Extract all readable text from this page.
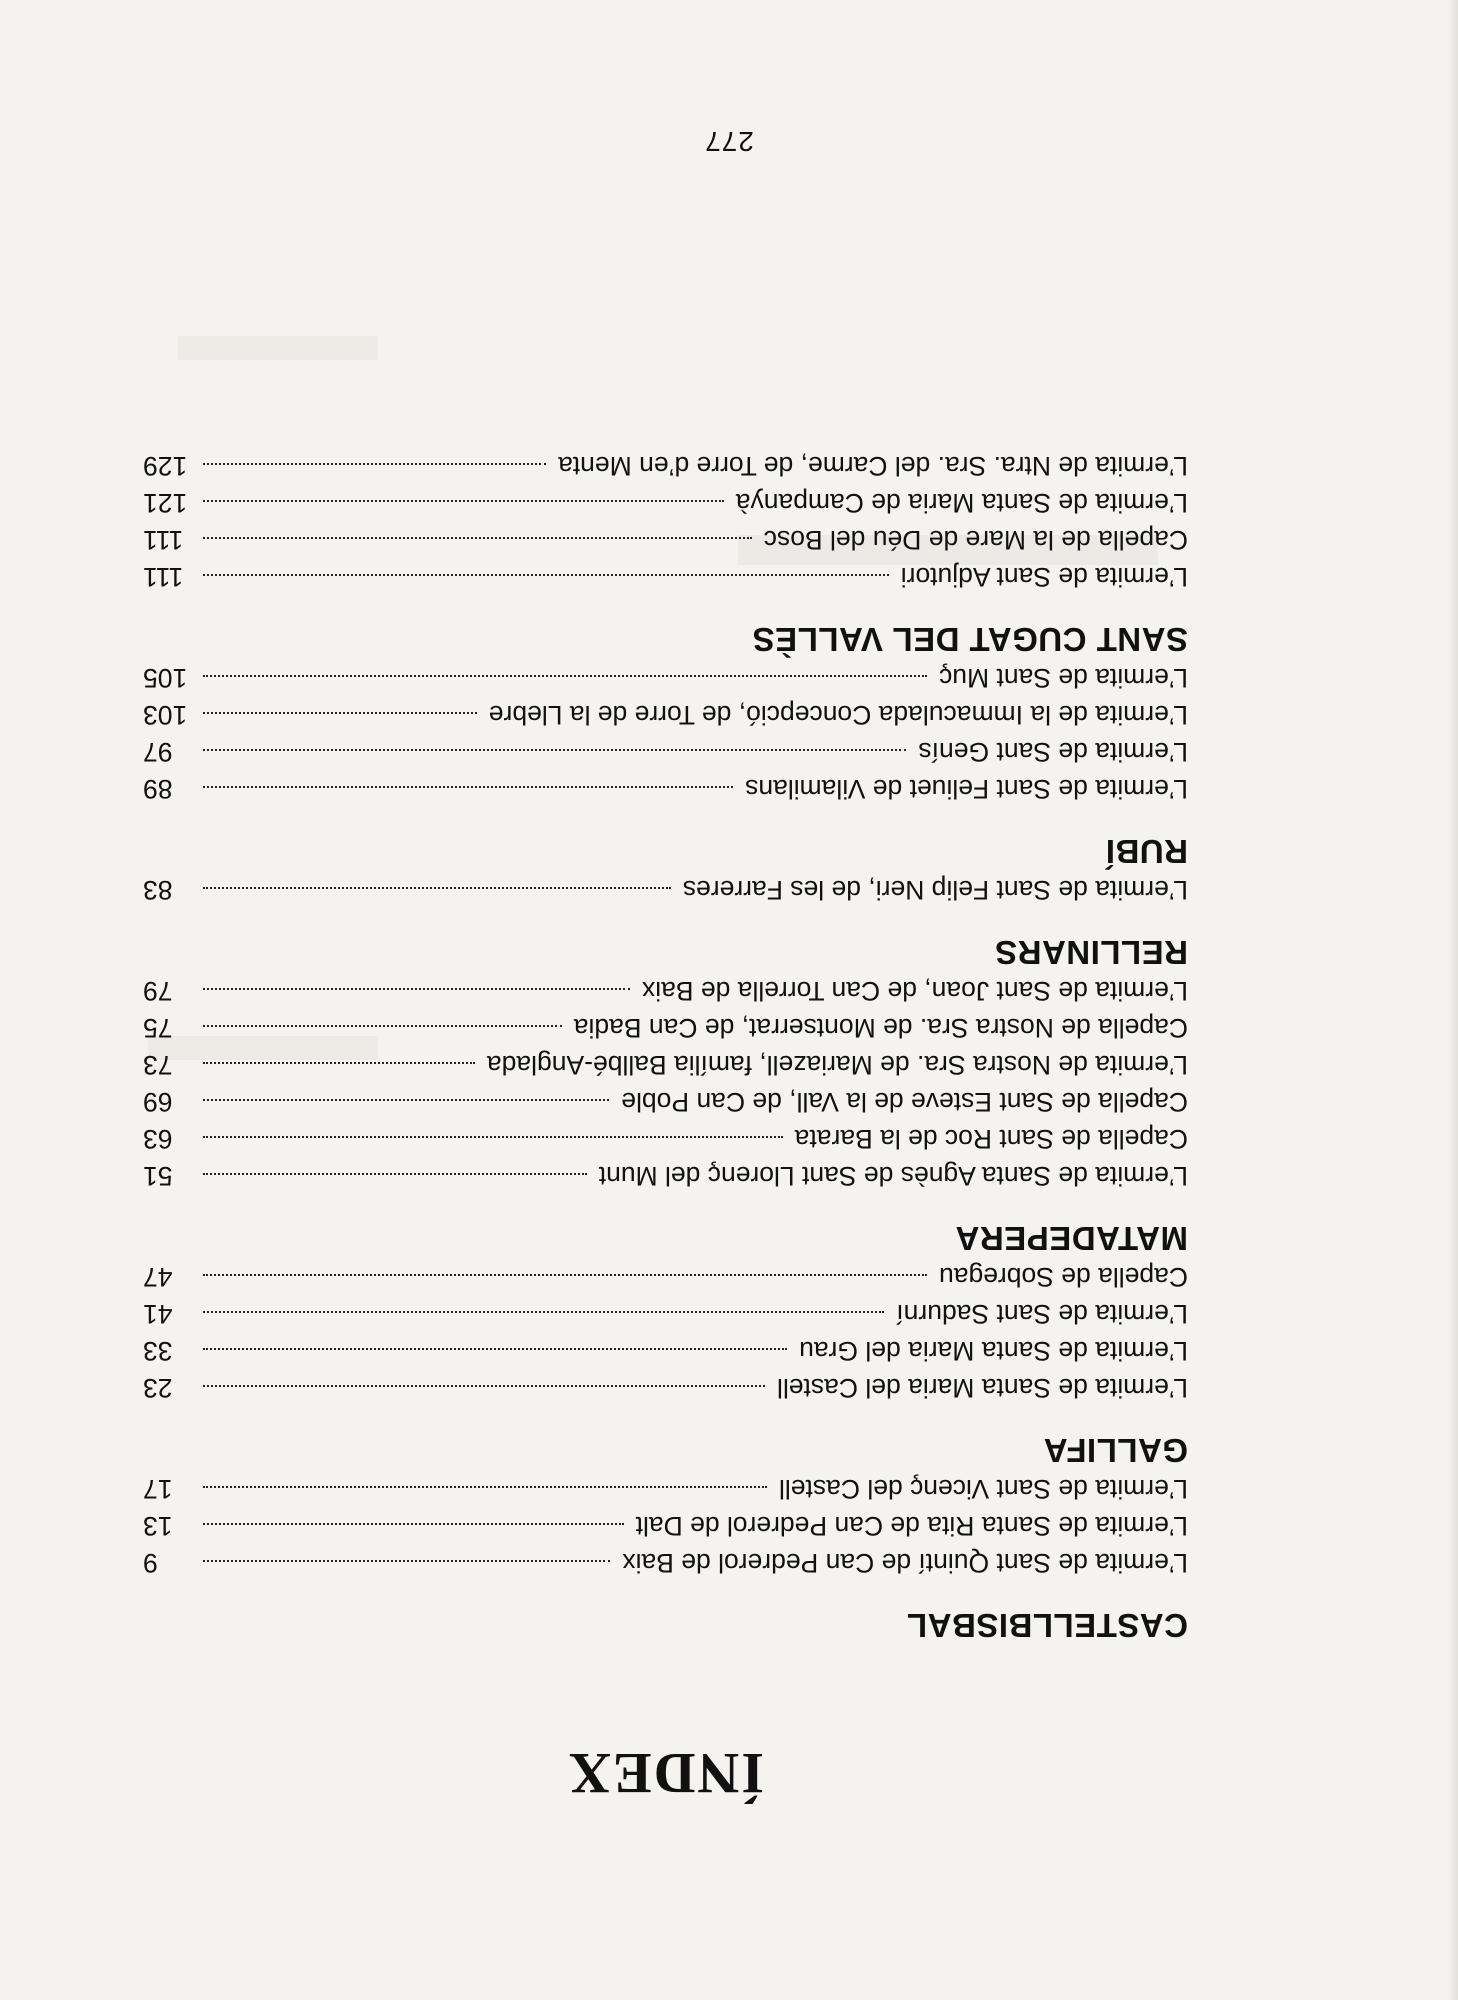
ÍNDEX
CASTELLBISBAL
L’ermita de Sant Quintí de Can Pedrerol de Baix
9
L’ermita de Santa Rita de Can Pedrerol de Dalt
13
L’ermita de Sant Vicenç del Castell
17
GALLIFA
L’ermita de Santa Maria del Castell
23
L’ermita de Santa Maria del Grau
33
L’ermita de Sant Sadurní
41
Capella de Sobregau
47
MATADEPERA
L’ermita de Santa Agnès de Sant Llorenç del Munt
51
Capella de Sant Roc de la Barata
63
Capella de Sant Esteve de la Vall, de Can Poble
69
L’ermita de Nostra Sra. de Mariazell, família Ballbé-Anglada
73
Capella de Nostra Sra. de Montserrat, de Can Badia
75
L’ermita de Sant Joan, de Can Torrella de Baix
79
RELLINARS
L’ermita de Sant Felip Neri, de les Farreres
83
RUBÍ
L’ermita de Sant Feliuet de Vilamilans
89
L’ermita de Sant Genís
97
L’ermita de la Immaculada Concepció, de Torre de la Llebre
103
L’ermita de Sant Muç
105
SANT CUGAT DEL VALLÈS
L’ermita de Sant Adjutori
111
Capella de la Mare de Déu del Bosc
111
L’ermita de Santa Maria de Campanyà
121
L’ermita de Ntra. Sra. del Carme, de Torre d’en Menta
129
277
